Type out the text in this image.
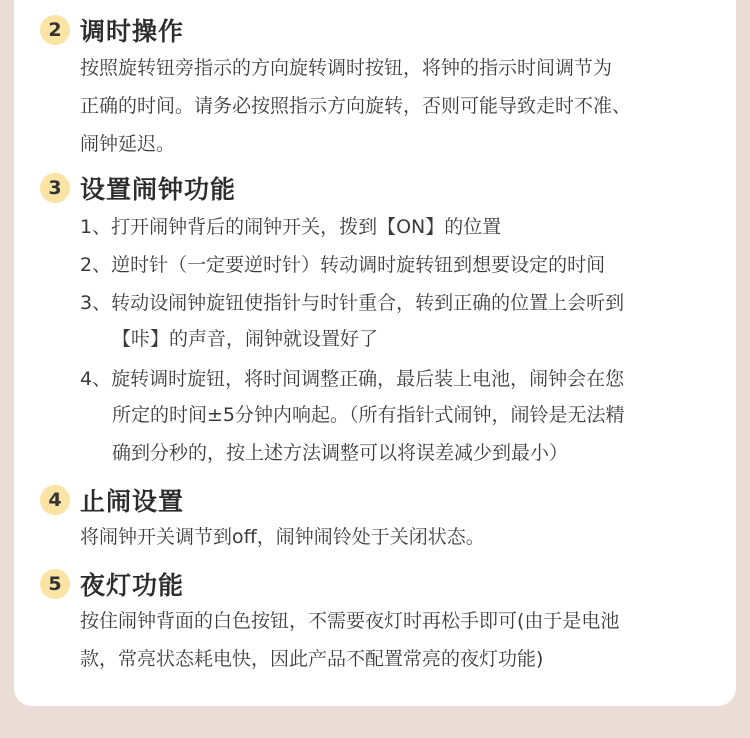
2 调时操作
按照旋转钮旁指示的方向旋转调时按钮，将钟的指示时间调节为
正确的时间。请务必按照指示方向旋转，否则可能导致走时不准、
闹钟延迟。
3 设置闹钟功能
1、打开闹钟背后的闹钟开关，拨到【ON】的位置
2、逆时针（一定要逆时针）转动调时旋转钮到想要设定的时间
3、转动设闹钟旋钮使指针与时针重合，转到正确的位置上会听到
【咔】的声音，闹钟就设置好了
4、旋转调时旋钮，将时间调整正确，最后装上电池，闹钟会在您
所定的时间±5分钟内响起。（所有指针式闹钟，闹铃是无法精
确到分秒的，按上述方法调整可以将误差减少到最小）
4 止闹设置
将闹钟开关调节到off，闹钟闹铃处于关闭状态。
5 夜灯功能
按住闹钟背面的白色按钮，不需要夜灯时再松手即可(由于是电池
款，常亮状态耗电快，因此产品不配置常亮的夜灯功能)
